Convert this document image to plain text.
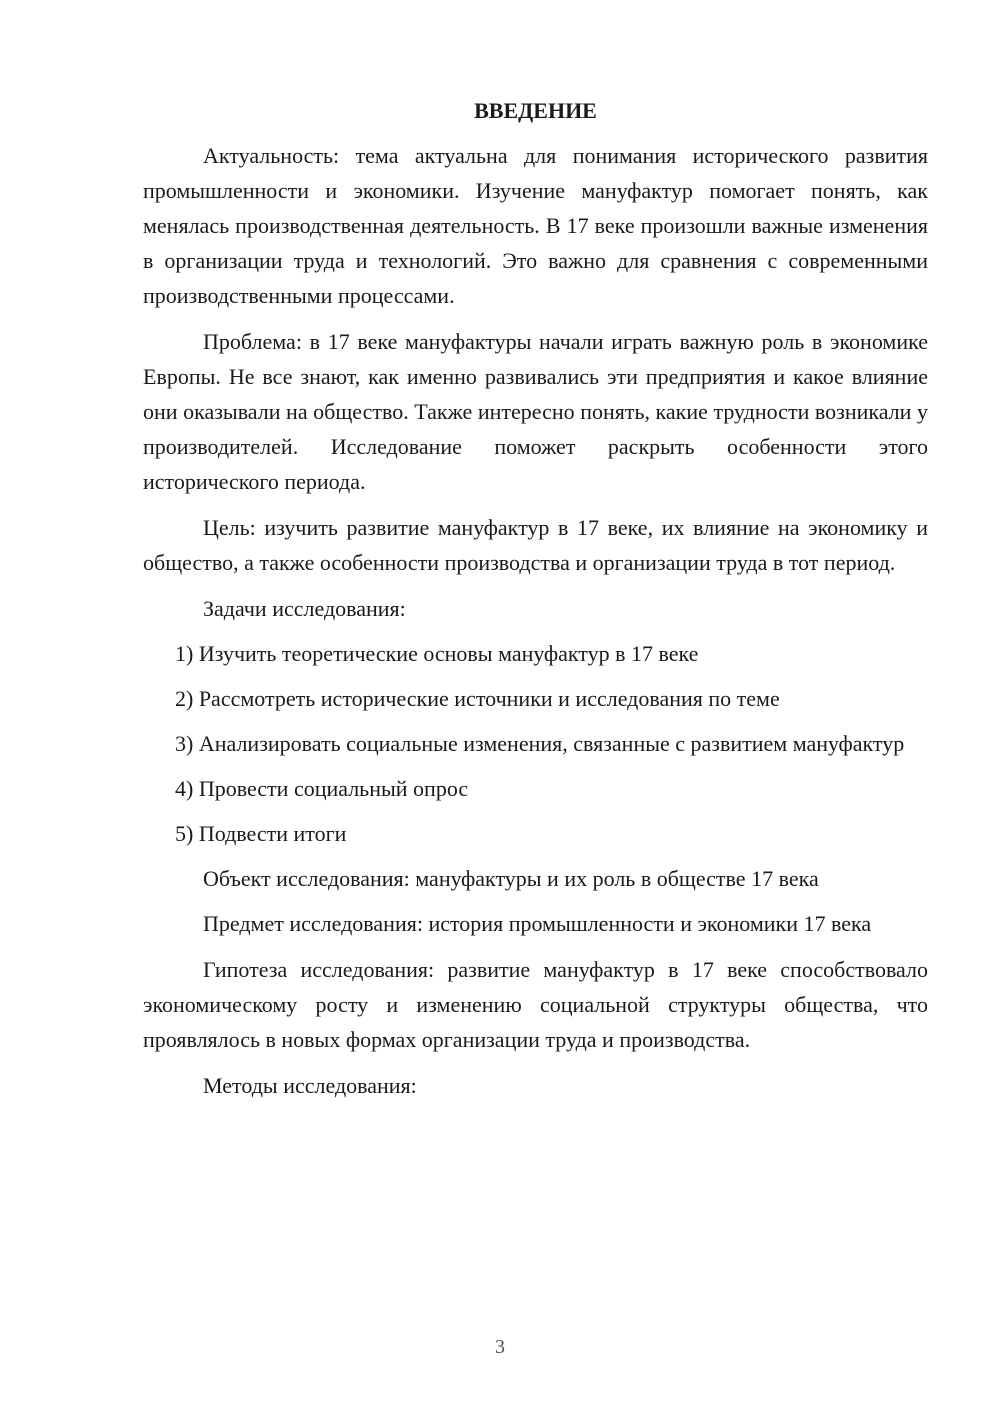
ВВЕДЕНИЕ

Актуальность: тема актуальна для понимания исторического развития промышленности и экономики. Изучение мануфактур помогает понять, как менялась производственная деятельность. В 17 веке произошли важные изменения в организации труда и технологий. Это важно для сравнения с современными производственными процессами.

Проблема: в 17 веке мануфактуры начали играть важную роль в экономике Европы. Не все знают, как именно развивались эти предприятия и какое влияние они оказывали на общество. Также интересно понять, какие трудности возникали у производителей. Исследование поможет раскрыть особенности этого исторического периода.

Цель: изучить развитие мануфактур в 17 веке, их влияние на экономику и общество, а также особенности производства и организации труда в тот период.

Задачи исследования:

1) Изучить теоретические основы мануфактур в 17 веке

2) Рассмотреть исторические источники и исследования по теме

3) Анализировать социальные изменения, связанные с развитием мануфактур

4) Провести социальный опрос

5) Подвести итоги

Объект исследования: мануфактуры и их роль в обществе 17 века

Предмет исследования: история промышленности и экономики 17 века

Гипотеза исследования: развитие мануфактур в 17 веке способствовало экономическому росту и изменению социальной структуры общества, что проявлялось в новых формах организации труда и производства.

Методы исследования:

3
